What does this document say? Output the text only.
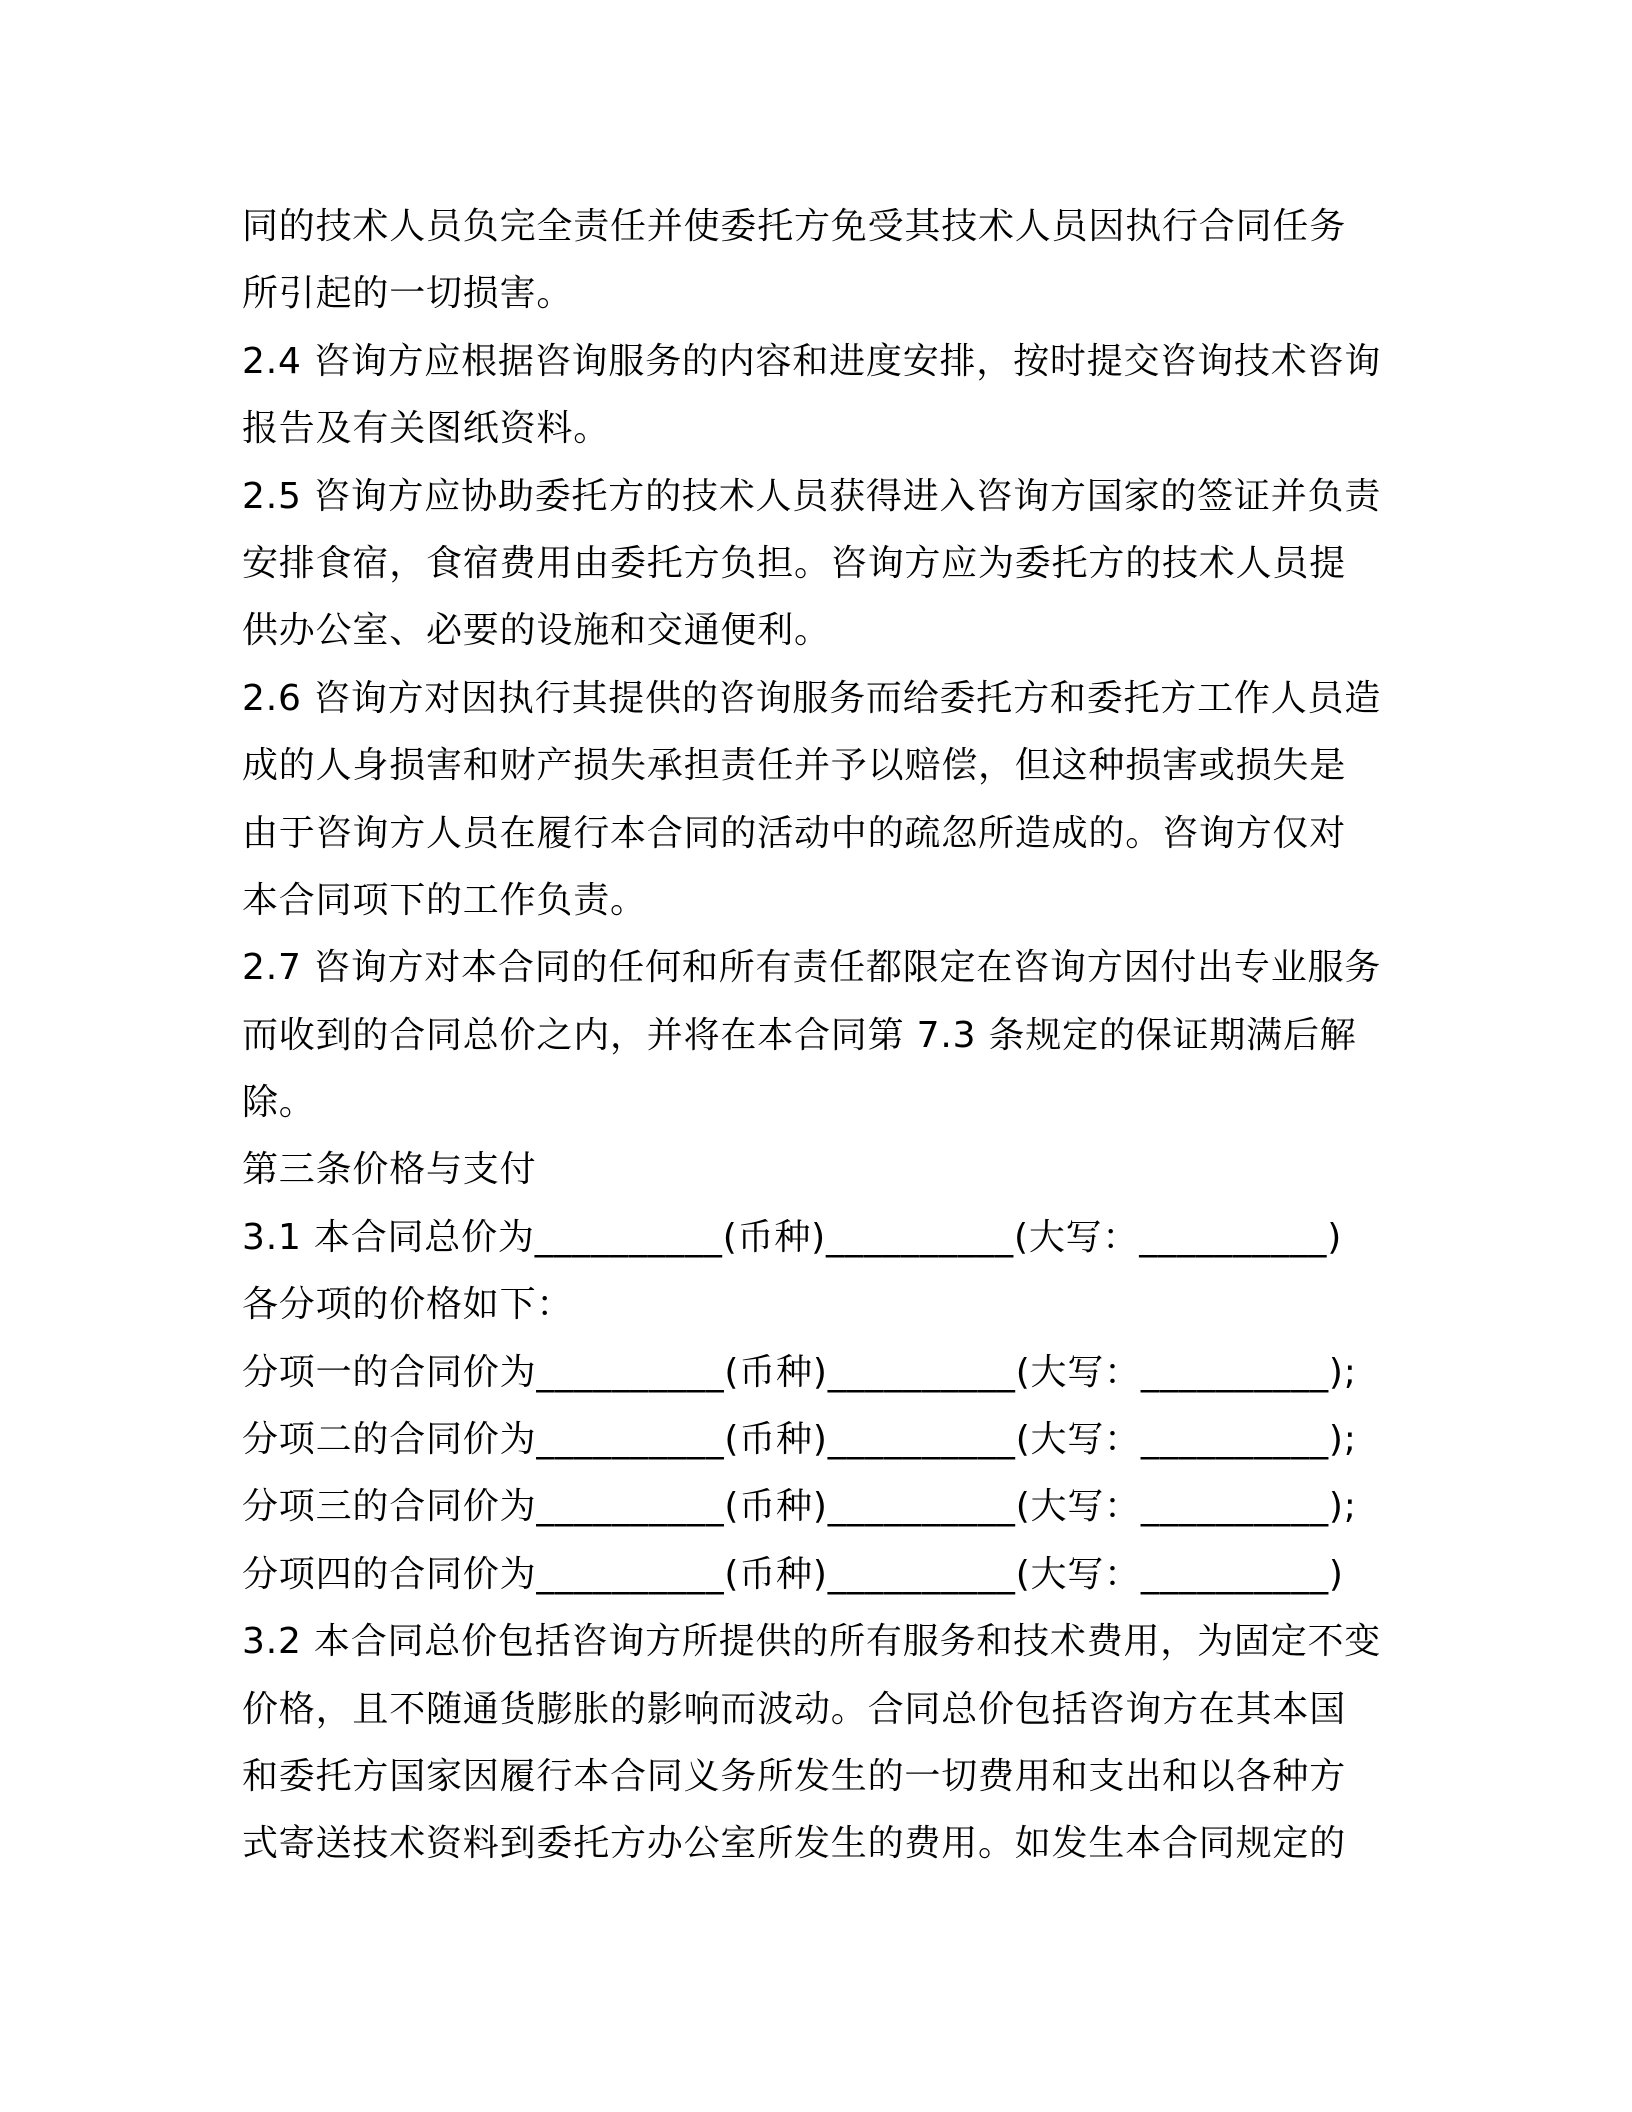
同的技术人员负完全责任并使委托方免受其技术人员因执行合同任务

所引起的一切损害。

2.4 咨询方应根据咨询服务的内容和进度安排，按时提交咨询技术咨询

报告及有关图纸资料。

2.5 咨询方应协助委托方的技术人员获得进入咨询方国家的签证并负责

安排食宿，食宿费用由委托方负担。咨询方应为委托方的技术人员提

供办公室、必要的设施和交通便利。

2.6 咨询方对因执行其提供的咨询服务而给委托方和委托方工作人员造

成的人身损害和财产损失承担责任并予以赔偿，但这种损害或损失是

由于咨询方人员在履行本合同的活动中的疏忽所造成的。咨询方仅对

本合同项下的工作负责。

2.7 咨询方对本合同的任何和所有责任都限定在咨询方因付出专业服务

而收到的合同总价之内，并将在本合同第 7.3 条规定的保证期满后解

除。

第三条价格与支付

3.1 本合同总价为__________(币种)__________(大写：__________)

各分项的价格如下：

分项一的合同价为__________(币种)__________(大写：__________);

分项二的合同价为__________(币种)__________(大写：__________);

分项三的合同价为__________(币种)__________(大写：__________);

分项四的合同价为__________(币种)__________(大写：__________)

3.2 本合同总价包括咨询方所提供的所有服务和技术费用，为固定不变

价格，且不随通货膨胀的影响而波动。合同总价包括咨询方在其本国

和委托方国家因履行本合同义务所发生的一切费用和支出和以各种方

式寄送技术资料到委托方办公室所发生的费用。如发生本合同规定的
